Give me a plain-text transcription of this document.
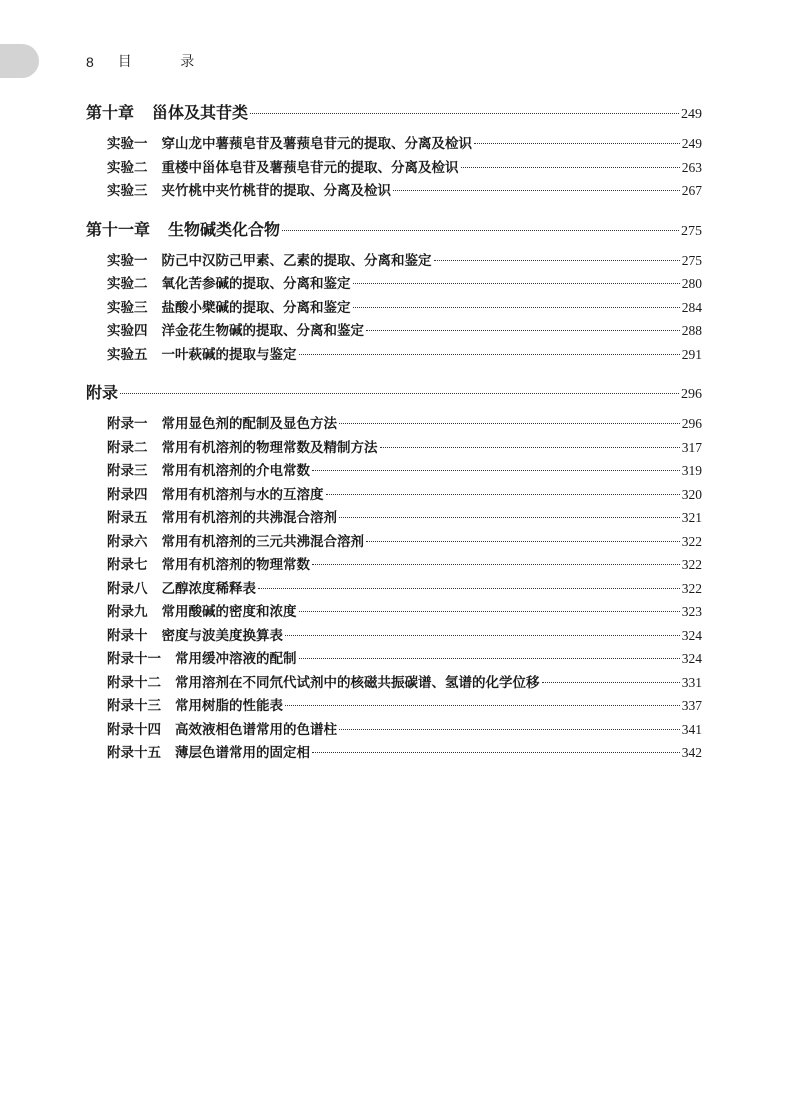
8 目 录
第十章 甾体及其苷类	249
实验一 穿山龙中薯蓣皂苷及薯蓣皂苷元的提取、分离及检识	249
实验二 重楼中甾体皂苷及薯蓣皂苷元的提取、分离及检识	263
实验三 夹竹桃中夹竹桃苷的提取、分离及检识	267
第十一章 生物碱类化合物	275
实验一 防己中汉防己甲素、乙素的提取、分离和鉴定	275
实验二 氧化苦参碱的提取、分离和鉴定	280
实验三 盐酸小檗碱的提取、分离和鉴定	284
实验四 洋金花生物碱的提取、分离和鉴定	288
实验五 一叶萩碱的提取与鉴定	291
附录	296
附录一 常用显色剂的配制及显色方法	296
附录二 常用有机溶剂的物理常数及精制方法	317
附录三 常用有机溶剂的介电常数	319
附录四 常用有机溶剂与水的互溶度	320
附录五 常用有机溶剂的共沸混合溶剂	321
附录六 常用有机溶剂的三元共沸混合溶剂	322
附录七 常用有机溶剂的物理常数	322
附录八 乙醇浓度稀释表	322
附录九 常用酸碱的密度和浓度	323
附录十 密度与波美度换算表	324
附录十一 常用缓冲溶液的配制	324
附录十二 常用溶剂在不同氘代试剂中的核磁共振碳谱、氢谱的化学位移	331
附录十三 常用树脂的性能表	337
附录十四 高效液相色谱常用的色谱柱	341
附录十五 薄层色谱常用的固定相	342
